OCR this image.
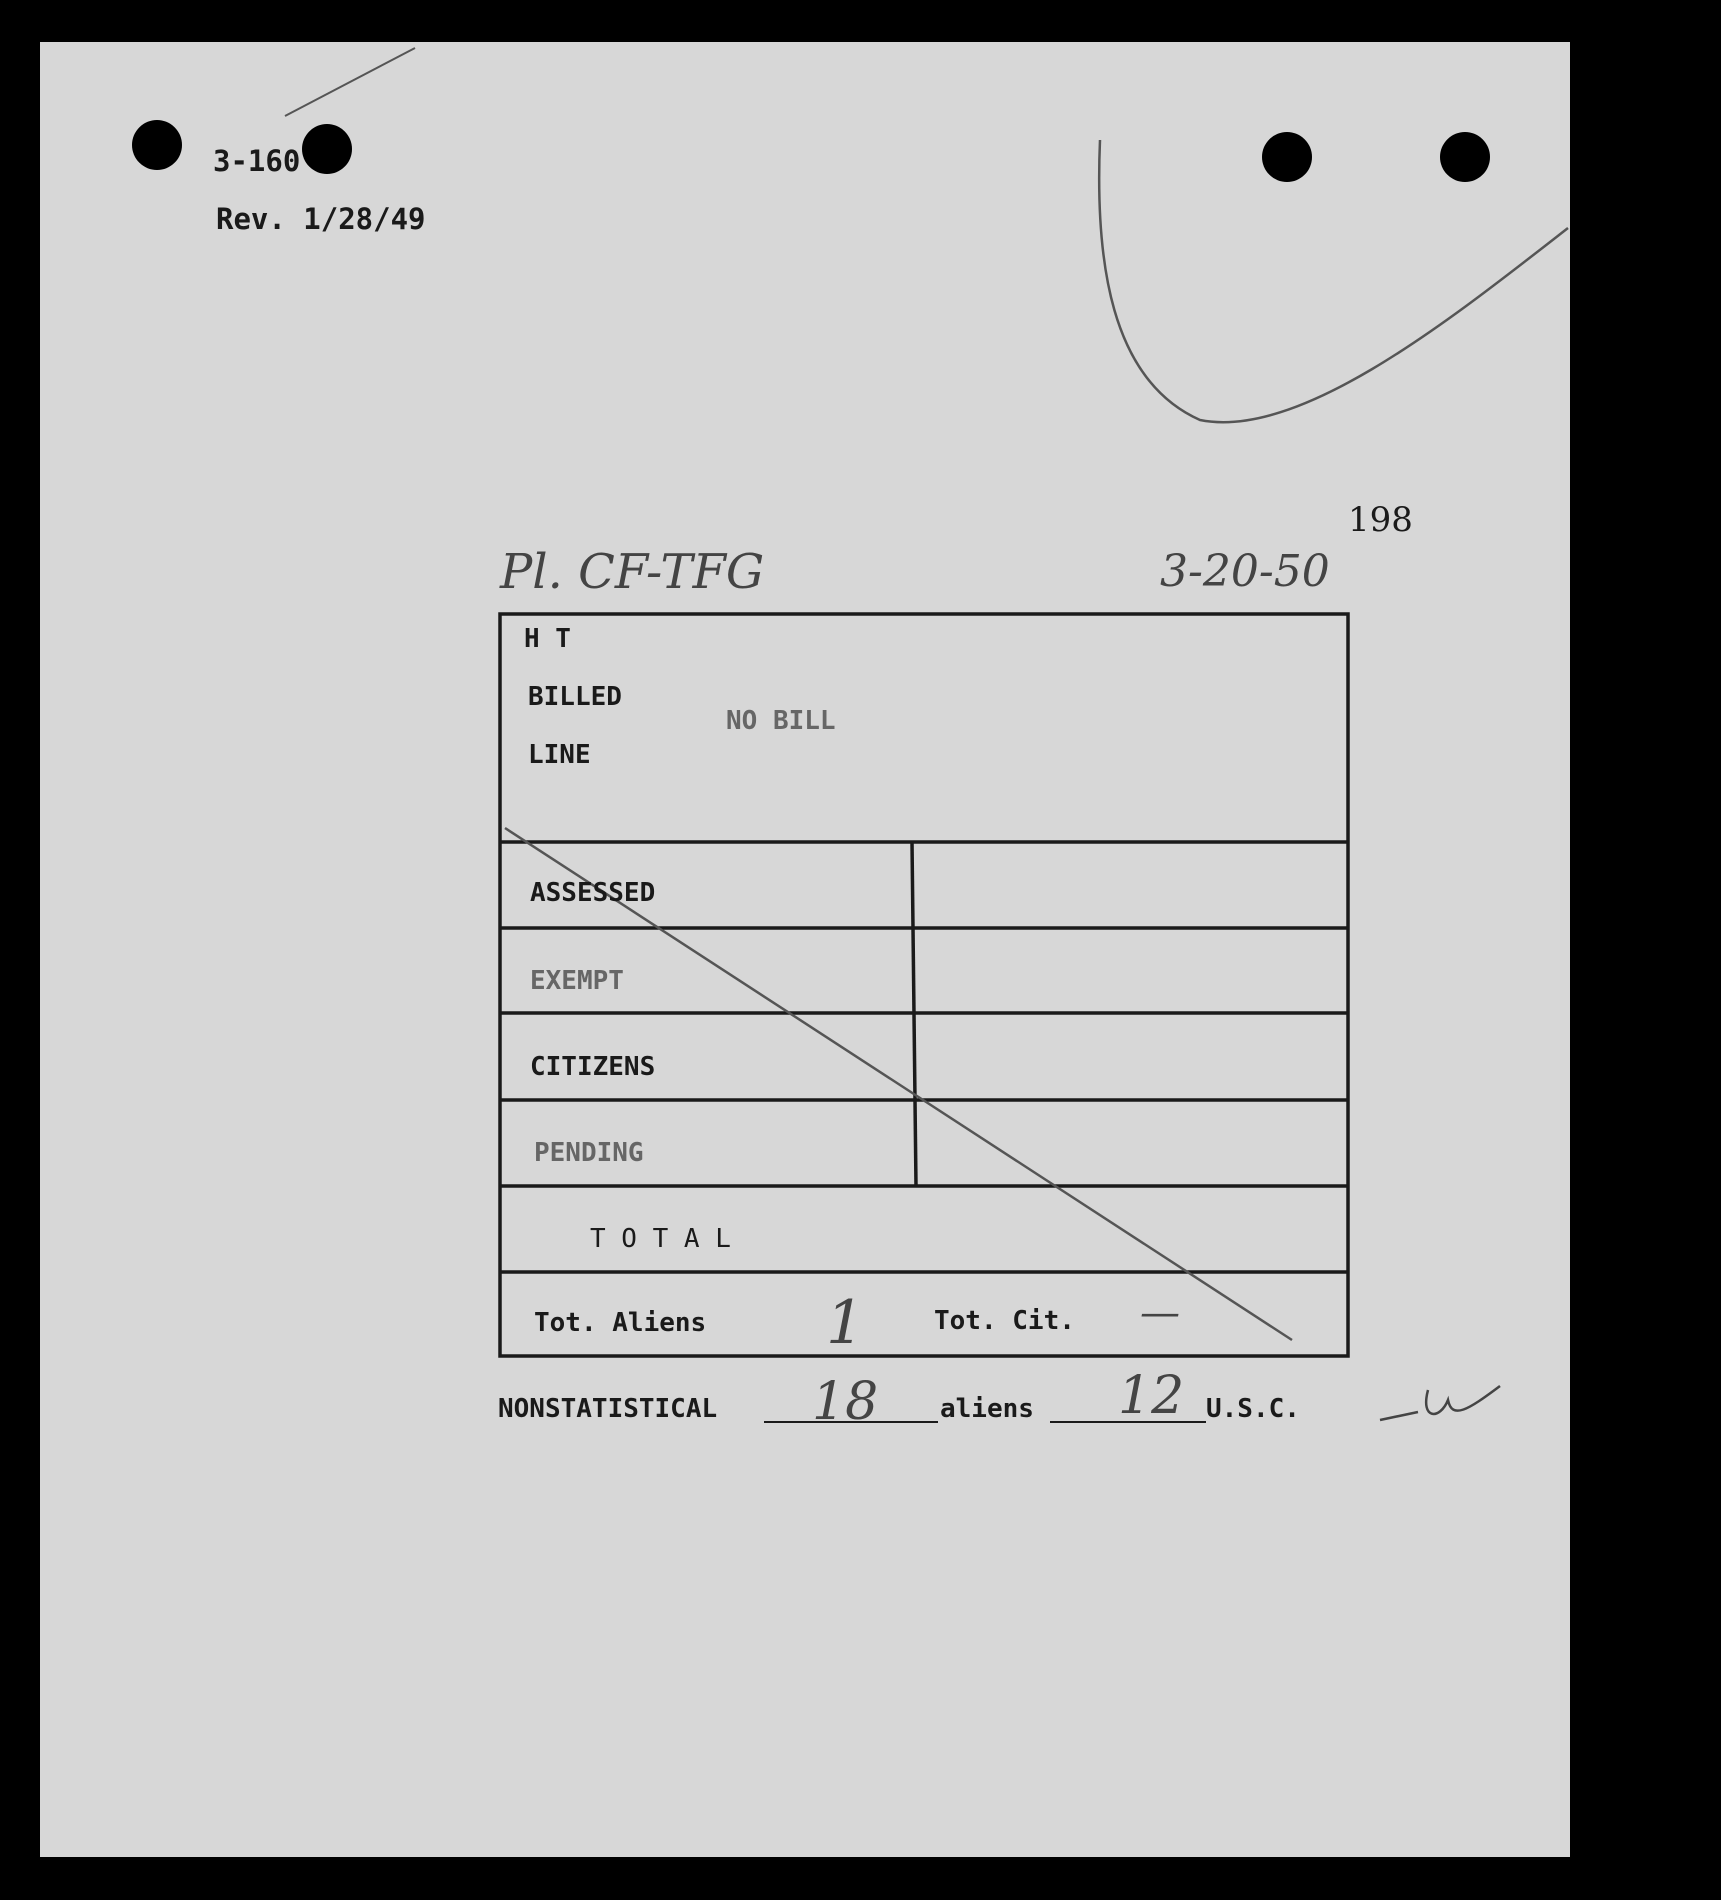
3-160
Rev. 1/28/49
198
Pl. CF-TFG	3-20-50
H T
BILLED
LINE
NO BILL
ASSESSED
EXEMPT
CITIZENS
PENDING
T O T A L
Tot. Aliens 1	Tot. Cit. —
NONSTATISTICAL 18 aliens 12 U.S.C.
